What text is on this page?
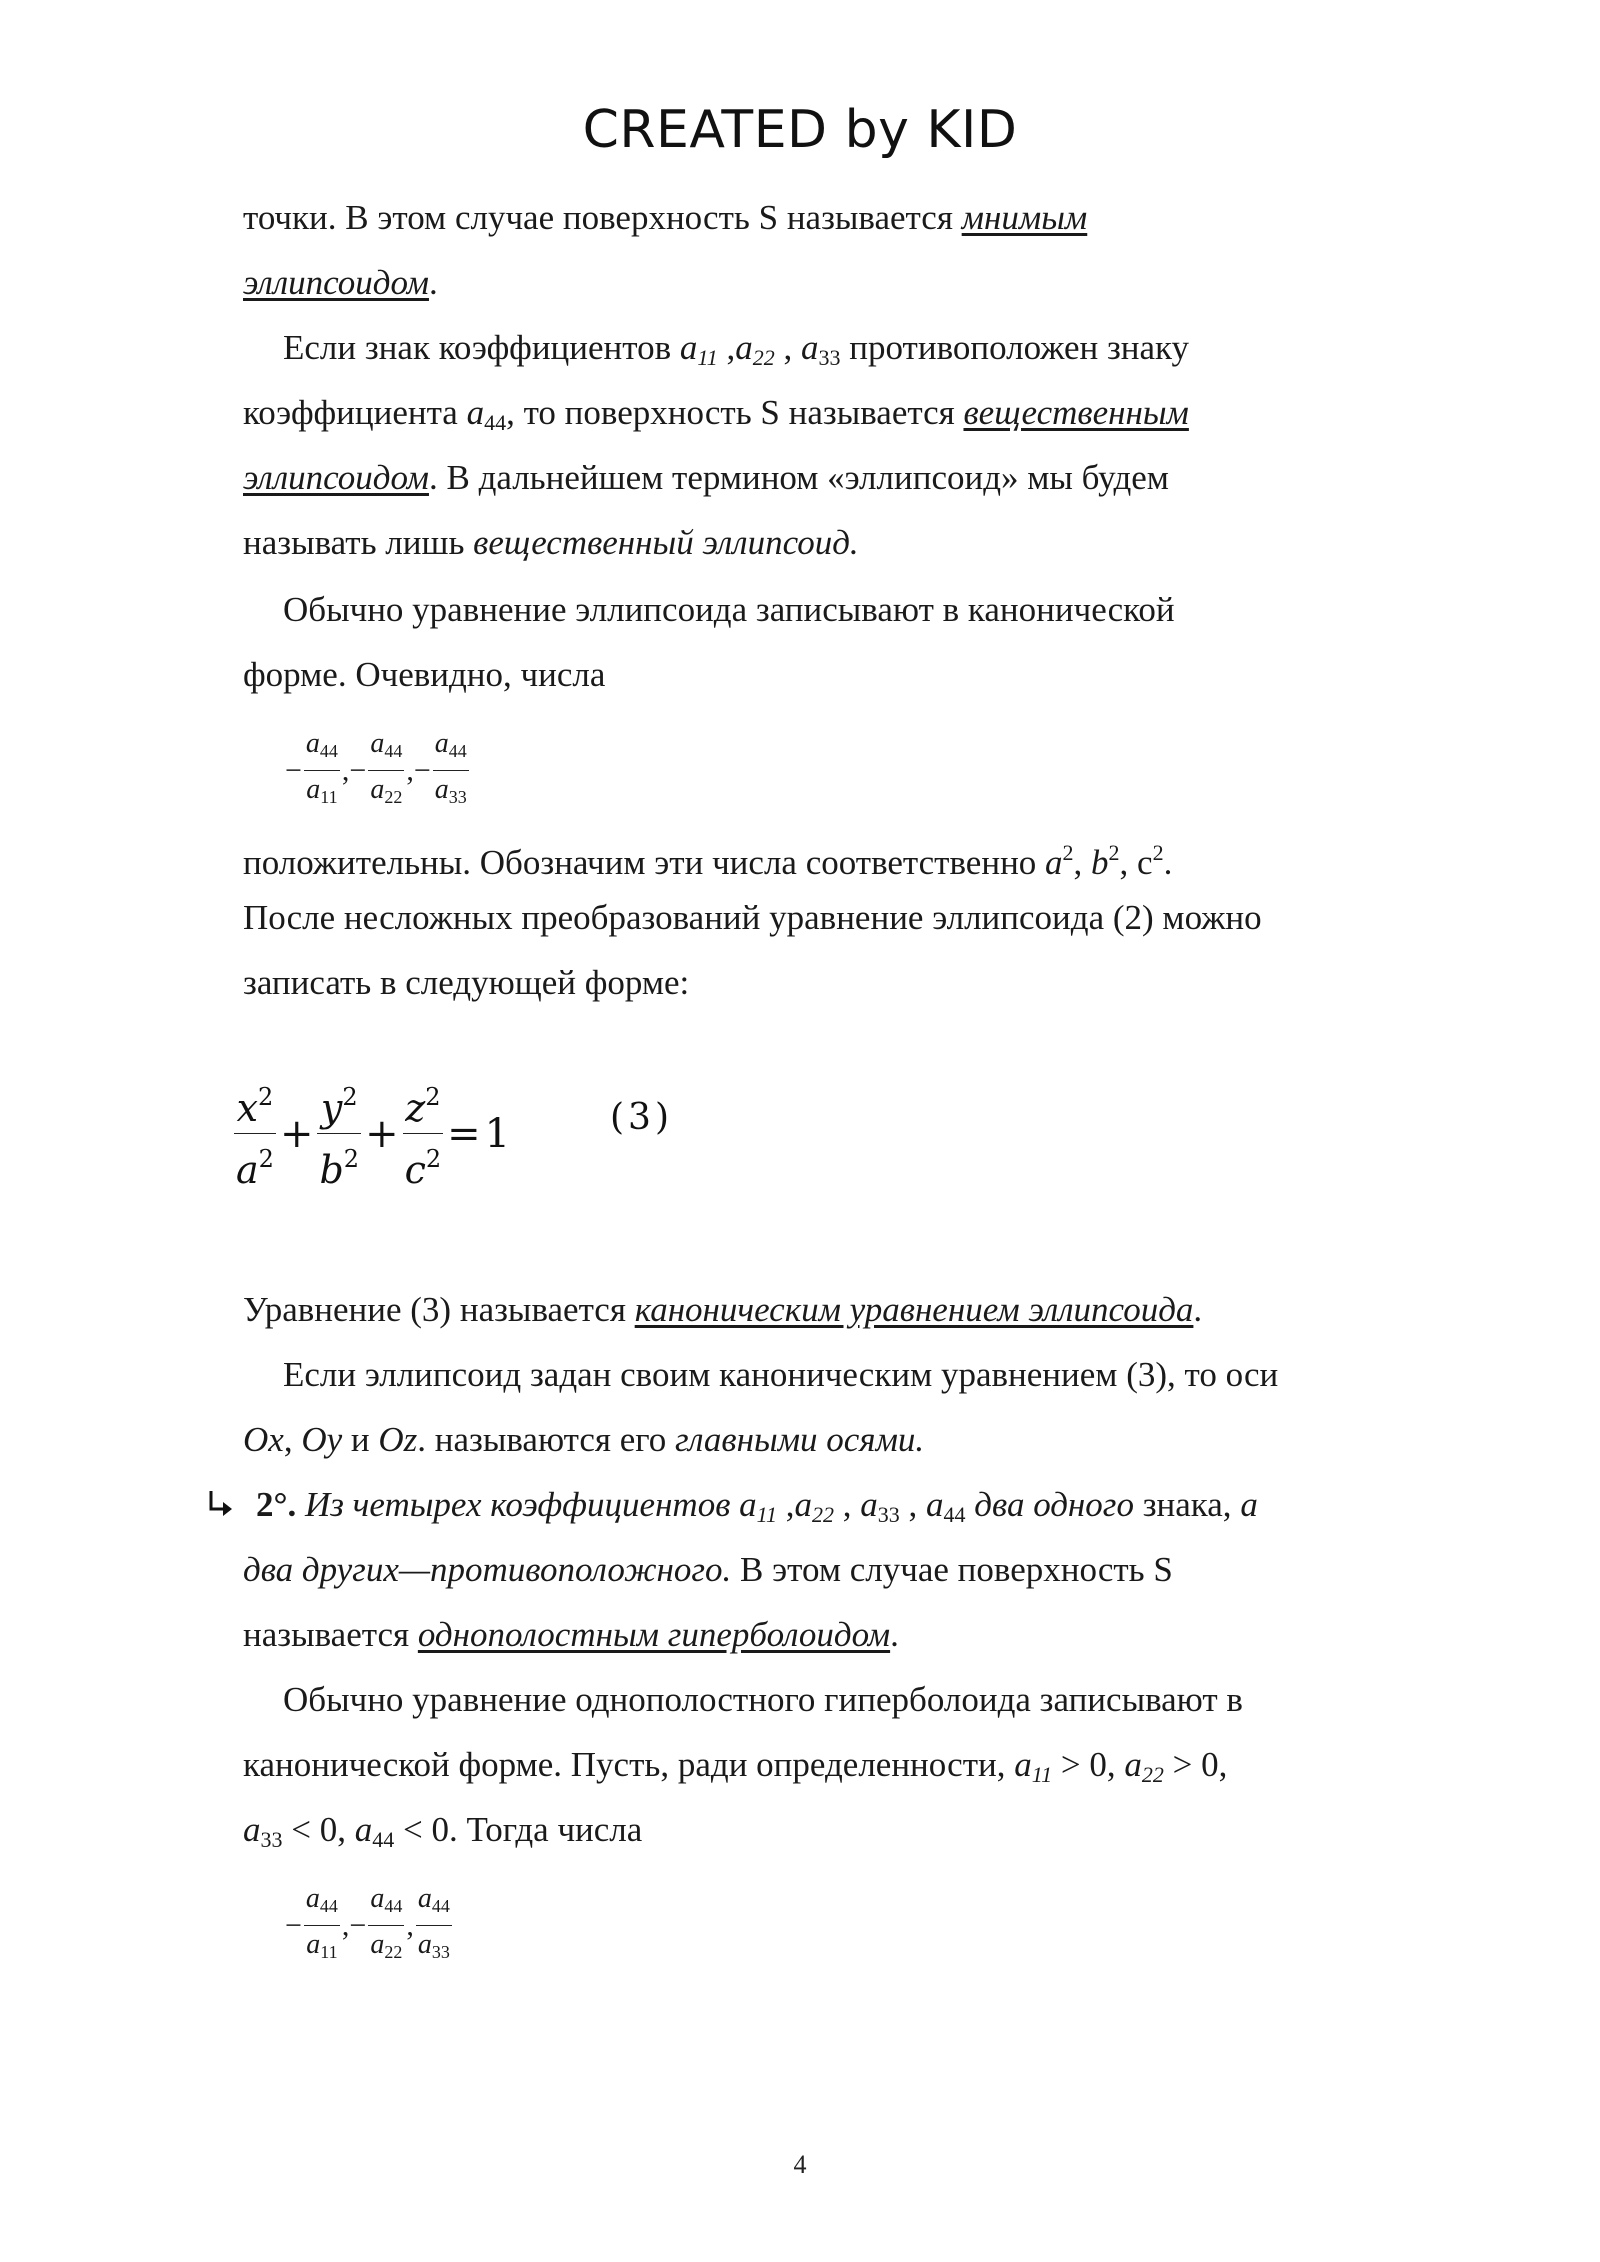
CREATED by KID
точки. В этом случае поверхность S называется мнимым
эллипсоидом.
Если знак коэффициентов $a_{11}$ $,a_{22}$ , $a_{33}$ противоположен знаку
коэффициента $a_{44}$, то поверхность S называется вещественным
эллипсоидом. В дальнейшем термином «эллипсоид» мы будем
называть лишь вещественный эллипсоид.
Обычно уравнение эллипсоида записывают в канонической
форме. Очевидно, числа
− $\frac{a_{44}}{a_{11}}$ ,− $\frac{a_{44}}{a_{22}}$ ,− $\frac{a_{44}}{a_{33}}$
положительны. Обозначим эти числа соответственно $a^2$, $b^2$, $c^2$.
После несложных преобразований уравнение эллипсоида (2) можно
записать в следующей форме:
$\frac{x^2}{a^2} + \frac{y^2}{b^2} + \frac{z^2}{c^2} = 1$	(3)
Уравнение (3) называется каноническим уравнением эллипсоида.
Если эллипсоид задан своим каноническим уравнением (3), то оси
Ox, Oy и Oz. называются его главными осями.
2°. Из четырех коэффициентов $a_{11}$ $,a_{22}$ , $a_{33}$ , $a_{44}$ два одного знака, а
два других—противоположного. В этом случае поверхность S
называется однополостным гиперболоидом.
Обычно уравнение однополостного гиперболоида записывают в
канонической форме. Пусть, ради определенности, $a_{11} > 0$, $a_{22} > 0$,
$a_{33} < 0$, $a_{44} < 0$. Тогда числа
− $\frac{a_{44}}{a_{11}}$ ,− $\frac{a_{44}}{a_{22}}$ , $\frac{a_{44}}{a_{33}}$
4
